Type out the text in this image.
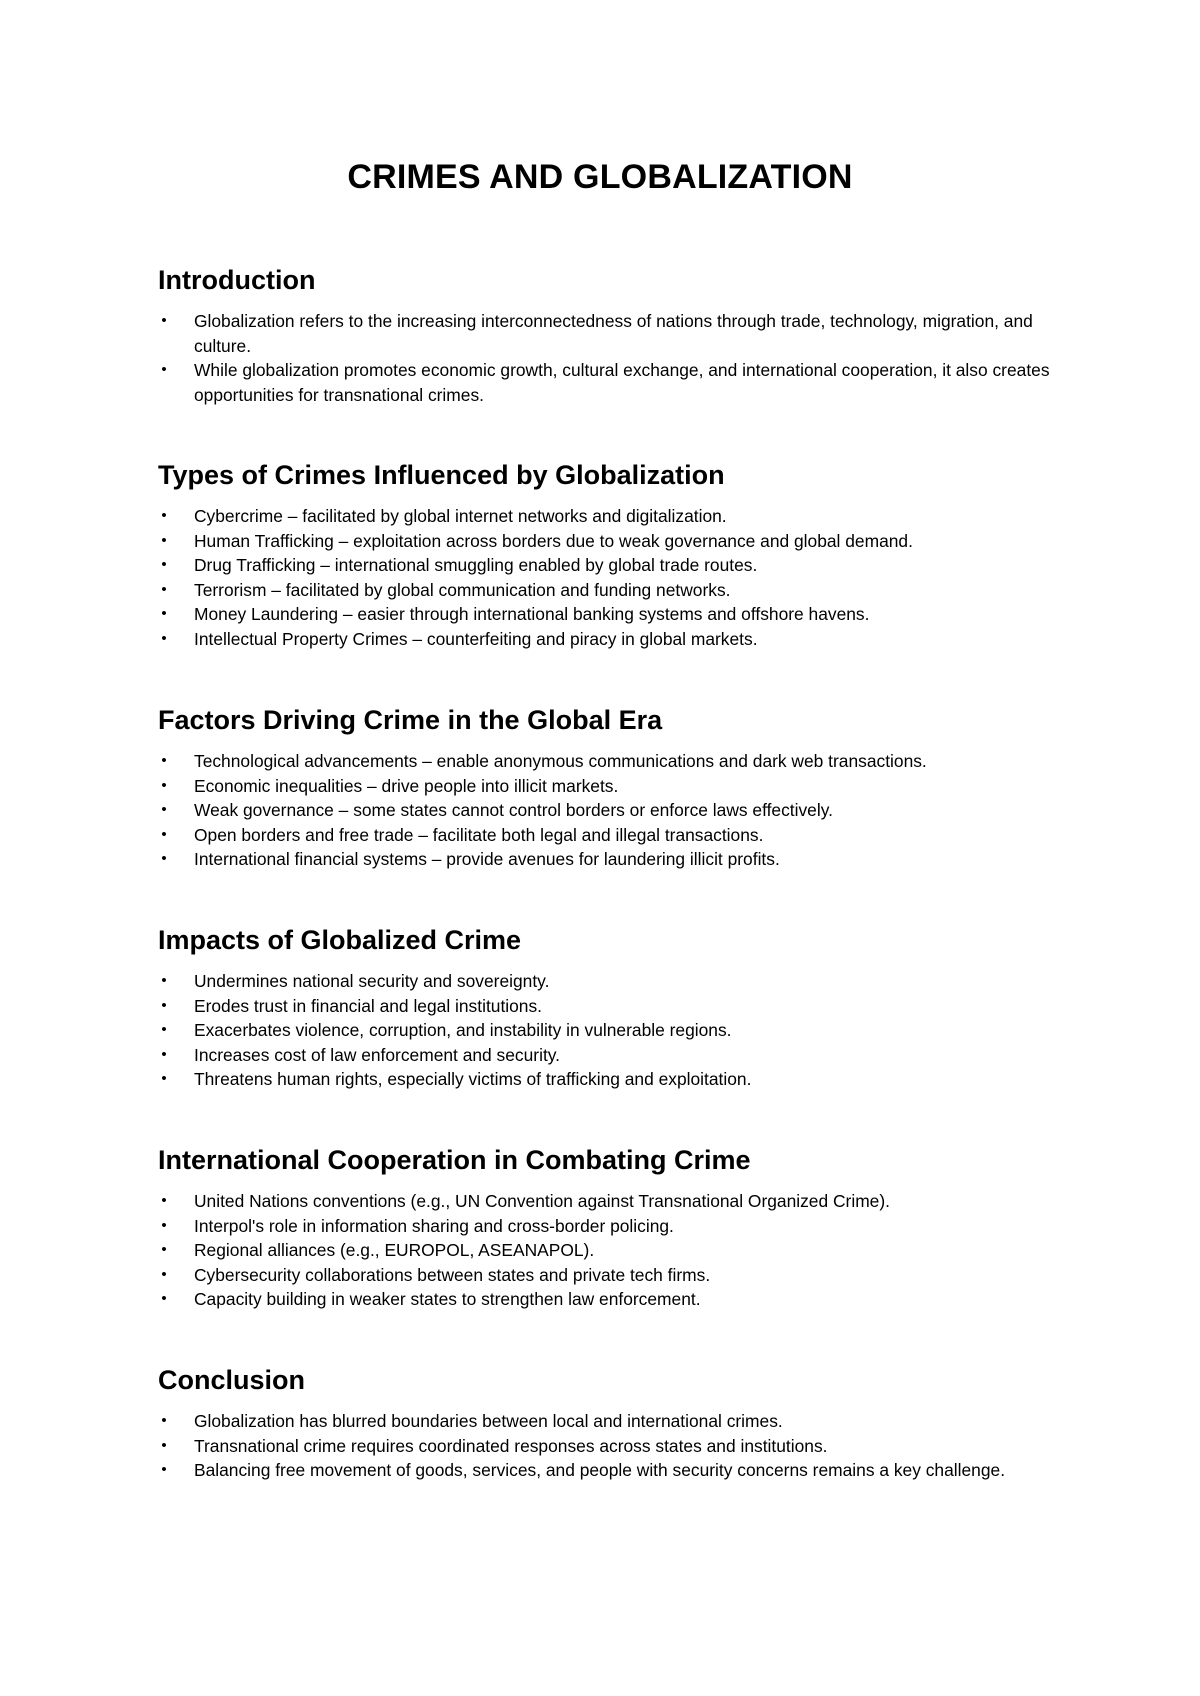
CRIMES AND GLOBALIZATION
Introduction
• Globalization refers to the increasing interconnectedness of nations through trade, technology, migration, and culture.
• While globalization promotes economic growth, cultural exchange, and international cooperation, it also creates opportunities for transnational crimes.
Types of Crimes Influenced by Globalization
• Cybercrime – facilitated by global internet networks and digitalization.
• Human Trafficking – exploitation across borders due to weak governance and global demand.
• Drug Trafficking – international smuggling enabled by global trade routes.
• Terrorism – facilitated by global communication and funding networks.
• Money Laundering – easier through international banking systems and offshore havens.
• Intellectual Property Crimes – counterfeiting and piracy in global markets.
Factors Driving Crime in the Global Era
• Technological advancements – enable anonymous communications and dark web transactions.
• Economic inequalities – drive people into illicit markets.
• Weak governance – some states cannot control borders or enforce laws effectively.
• Open borders and free trade – facilitate both legal and illegal transactions.
• International financial systems – provide avenues for laundering illicit profits.
Impacts of Globalized Crime
• Undermines national security and sovereignty.
• Erodes trust in financial and legal institutions.
• Exacerbates violence, corruption, and instability in vulnerable regions.
• Increases cost of law enforcement and security.
• Threatens human rights, especially victims of trafficking and exploitation.
International Cooperation in Combating Crime
• United Nations conventions (e.g., UN Convention against Transnational Organized Crime).
• Interpol's role in information sharing and cross-border policing.
• Regional alliances (e.g., EUROPOL, ASEANAPOL).
• Cybersecurity collaborations between states and private tech firms.
• Capacity building in weaker states to strengthen law enforcement.
Conclusion
• Globalization has blurred boundaries between local and international crimes.
• Transnational crime requires coordinated responses across states and institutions.
• Balancing free movement of goods, services, and people with security concerns remains a key challenge.
